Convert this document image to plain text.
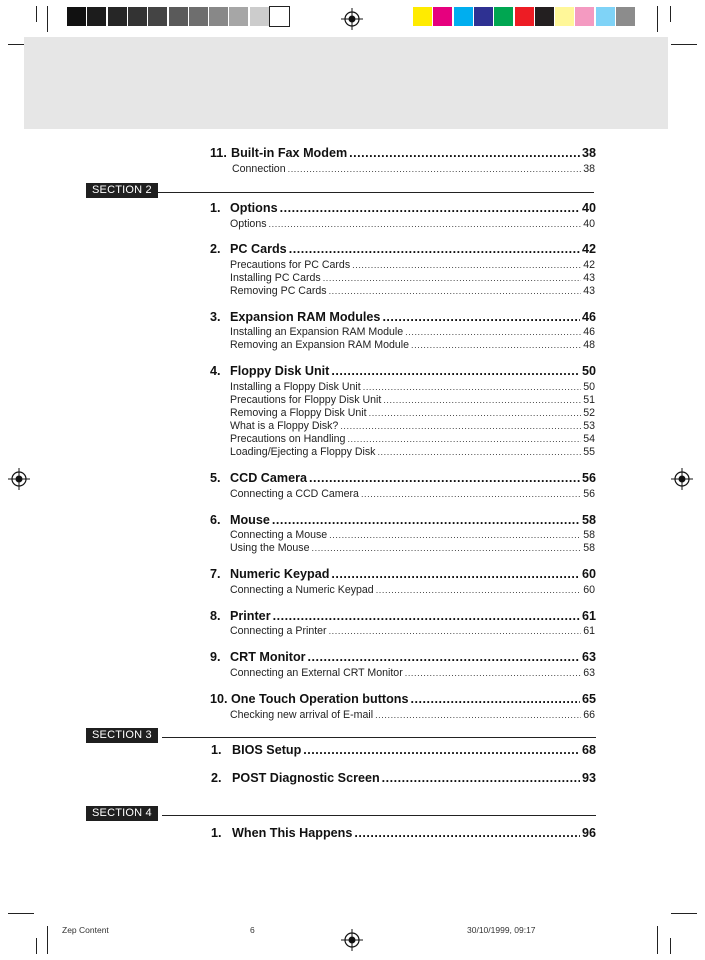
SECTION 2
SECTION 3
SECTION 4
11. Built-in Fax Modem .....	38
Connection .....	38
1. Options .....	40
Options .....	40
2. PC Cards .....	42
Precautions for PC Cards .....	42
Installing PC Cards .....	43
Removing PC Cards .....	43
3. Expansion RAM Modules .....	46
Installing an Expansion RAM Module .....	46
Removing an Expansion RAM Module .....	48
4. Floppy Disk Unit .....	50
Installing a Floppy Disk Unit .....	50
Precautions for Floppy Disk Unit .....	51
Removing a Floppy Disk Unit .....	52
What is a Floppy Disk? .....	53
Precautions on Handling .....	54
Loading/Ejecting a Floppy Disk .....	55
5. CCD Camera .....	56
Connecting a CCD Camera .....	56
6. Mouse .....	58
Connecting a Mouse .....	58
Using the Mouse .....	58
7. Numeric Keypad .....	60
Connecting a Numeric Keypad .....	60
8. Printer .....	61
Connecting a Printer .....	61
9. CRT Monitor .....	63
Connecting an External CRT Monitor .....	63
10. One Touch Operation buttons .....	65
Checking new arrival of E-mail .....	66
1. BIOS Setup .....	68
2. POST Diagnostic Screen .....	93
1. When This Happens .....	96
Zep Content	6	30/10/1999, 09:17
